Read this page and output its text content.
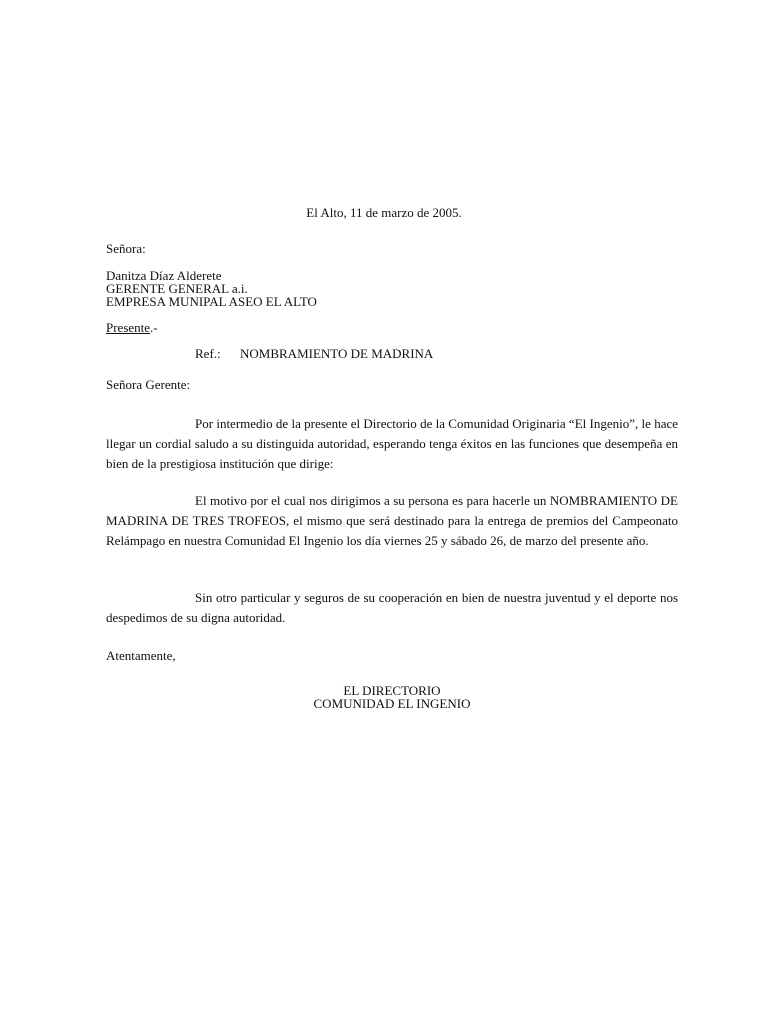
El Alto, 11 de marzo de 2005.
Señora:
Danitza Díaz Alderete
GERENTE GENERAL a.i.
EMPRESA MUNIPAL ASEO EL ALTO
Presente.-
Ref.: NOMBRAMIENTO DE MADRINA
Señora Gerente:
Por intermedio de la presente el Directorio de la Comunidad Originaria “El Ingenio”, le hace llegar un cordial saludo a su distinguida autoridad, esperando tenga éxitos en las funciones que desempeña en bien de la prestigiosa institución que dirige:
El motivo por el cual nos dirigimos a su persona es para hacerle un NOMBRAMIENTO DE MADRINA DE TRES TROFEOS, el mismo que será destinado para la entrega de premios del Campeonato Relámpago en nuestra Comunidad El Ingenio los día viernes 25 y sábado 26, de marzo del presente año.
Sin otro particular y seguros de su cooperación en bien de nuestra juventud y el deporte nos despedimos de su digna autoridad.
Atentamente,
EL DIRECTORIO
COMUNIDAD EL INGENIO
